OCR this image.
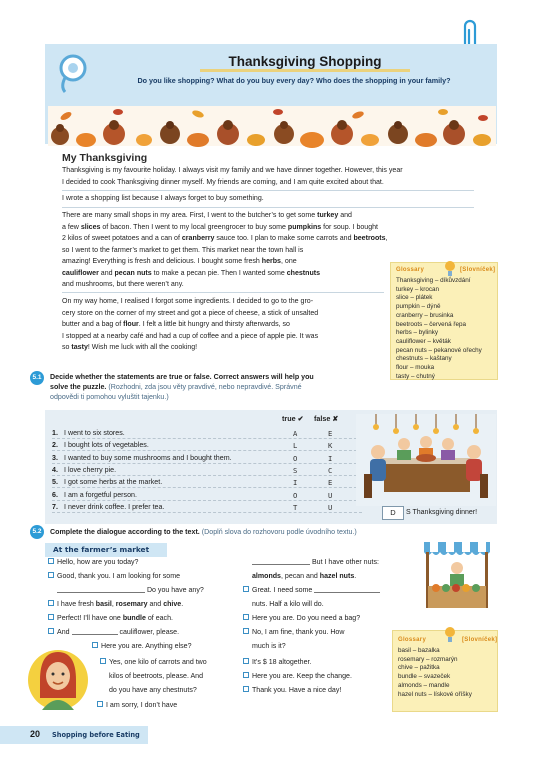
Thanksgiving Shopping
Do you like shopping? What do you buy every day? Who does the shopping in your family?
My Thanksgiving
Thanksgiving is my favourite holiday. I always visit my family and we have dinner together. However, this year
I decided to cook Thanksgiving dinner myself. My friends are coming, and I am quite excited about that.
I wrote a shopping list because I always forget to buy something.
There are many small shops in my area. First, I went to the butcher’s to get some turkey and
a few slices of bacon. Then I went to my local greengrocer to buy some pumpkins for soup. I bought
2 kilos of sweet potatoes and a can of cranberry sauce too. I plan to make some carrots and beetroots,
so I went to the farmer’s market to get them. This market near the town hall is
amazing! Everything is fresh and delicious. I bought some fresh herbs, one
cauliflower and pecan nuts to make a pecan pie. Then I wanted some chestnuts
and mushrooms, but there weren’t any.
On my way home, I realised I forgot some ingredients. I decided to go to the gro-
cery store on the corner of my street and got a piece of cheese, a stick of unsalted
butter and a bag of flour. I felt a little bit hungry and thirsty afterwards, so
I stopped at a nearby café and had a cup of coffee and a piece of apple pie. It was
so tasty! Wish me luck with all the cooking!
Glossary	[Slovníček]
Thanksgiving – díkůvzdání
turkey – krocan
slice – plátek
pumpkin – dýně
cranberry – brusinka
beetroots – červená řepa
herbs – bylinky
cauliflower – květák
pecan nuts – pekanové ořechy
chestnuts – kaštany
flour – mouka
tasty – chutný
5.1	Decide whether the statements are true or false. Correct answers will help you
solve the puzzle. (Rozhodni, zda jsou věty pravdivé, nebo nepravdivé. Správné
odpovědi ti pomohou vyluštit tajenku.)
true ✔ false ✘
1. I went to six stores.	A	E
2. I bought lots of vegetables.	L	K
3. I wanted to buy some mushrooms and I bought them.	O	I
4. I love cherry pie.	S	C
5. I got some herbs at the market.	I	E
6. I am a forgetful person.	O	U
7. I never drink coffee. I prefer tea.	T	U
D	S Thanksgiving dinner!
5.2	Complete the dialogue according to the text. (Doplň slova do rozhovoru podle úvodního textu.)
At the farmer’s market
Hello, how are you today?
Good, thank you. I am looking for some
Do you have any?
I have fresh basil, rosemary and chive.
Perfect! I’ll have one bundle of each.
And	cauliflower, please.
Here you are. Anything else?
Yes, one kilo of carrots and two
kilos of beetroots, please. And
do you have any chestnuts?
I am sorry, I don’t have
But I have other nuts:
almonds, pecan and hazel nuts.
Great. I need some
nuts. Half a kilo will do.
Here you are. Do you need a bag?
No, I am fine, thank you. How
much is it?
It’s $ 18 altogether.
Here you are. Keep the change.
Thank you. Have a nice day!
Glossary	[Slovníček]
basil – bazalka
rosemary – rozmarýn
chive – pažitka
bundle – svazeček
almonds – mandle
hazel nuts – lískové oříšky
20 Shopping before Eating
